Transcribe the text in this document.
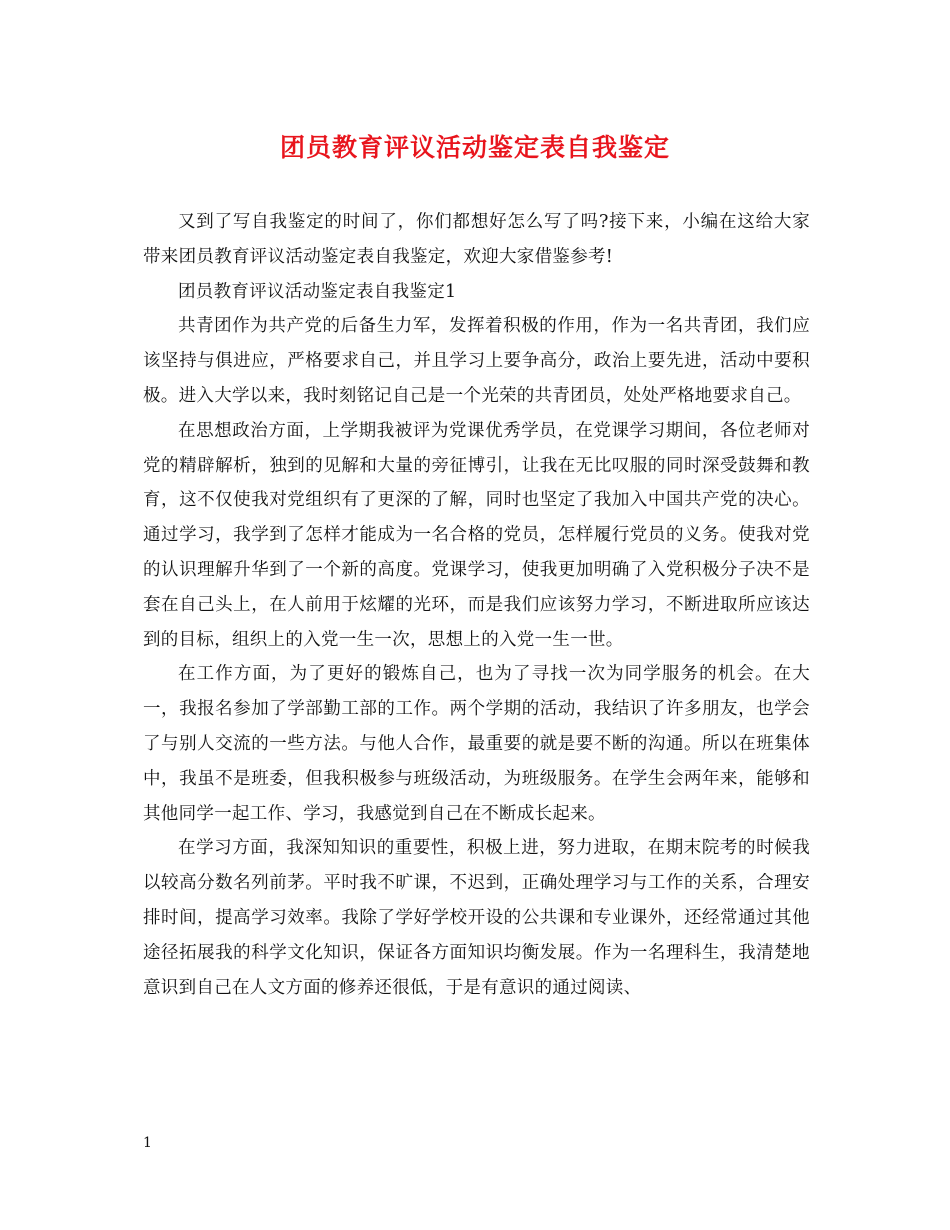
团员教育评议活动鉴定表自我鉴定

又到了写自我鉴定的时间了，你们都想好怎么写了吗?接下来，小编在这给大家带来团员教育评议活动鉴定表自我鉴定，欢迎大家借鉴参考!

团员教育评议活动鉴定表自我鉴定1

共青团作为共产党的后备生力军，发挥着积极的作用，作为一名共青团，我们应该坚持与俱进应，严格要求自己，并且学习上要争高分，政治上要先进，活动中要积极。进入大学以来，我时刻铭记自己是一个光荣的共青团员，处处严格地要求自己。

在思想政治方面，上学期我被评为党课优秀学员，在党课学习期间，各位老师对党的精辟解析，独到的见解和大量的旁征博引，让我在无比叹服的同时深受鼓舞和教育，这不仅使我对党组织有了更深的了解，同时也坚定了我加入中国共产党的决心。通过学习，我学到了怎样才能成为一名合格的党员，怎样履行党员的义务。使我对党的认识理解升华到了一个新的高度。党课学习，使我更加明确了入党积极分子决不是套在自己头上，在人前用于炫耀的光环，而是我们应该努力学习，不断进取所应该达到的目标，组织上的入党一生一次，思想上的入党一生一世。

在工作方面，为了更好的锻炼自己，也为了寻找一次为同学服务的机会。在大一，我报名参加了学部勤工部的工作。两个学期的活动，我结识了许多朋友，也学会了与别人交流的一些方法。与他人合作，最重要的就是要不断的沟通。所以在班集体中，我虽不是班委，但我积极参与班级活动，为班级服务。在学生会两年来，能够和其他同学一起工作、学习，我感觉到自己在不断成长起来。

在学习方面，我深知知识的重要性，积极上进，努力进取，在期末院考的时候我以较高分数名列前茅。平时我不旷课，不迟到，正确处理学习与工作的关系，合理安排时间，提高学习效率。我除了学好学校开设的公共课和专业课外，还经常通过其他途径拓展我的科学文化知识，保证各方面知识均衡发展。作为一名理科生，我清楚地意识到自己在人文方面的修养还很低，于是有意识的通过阅读、

1
